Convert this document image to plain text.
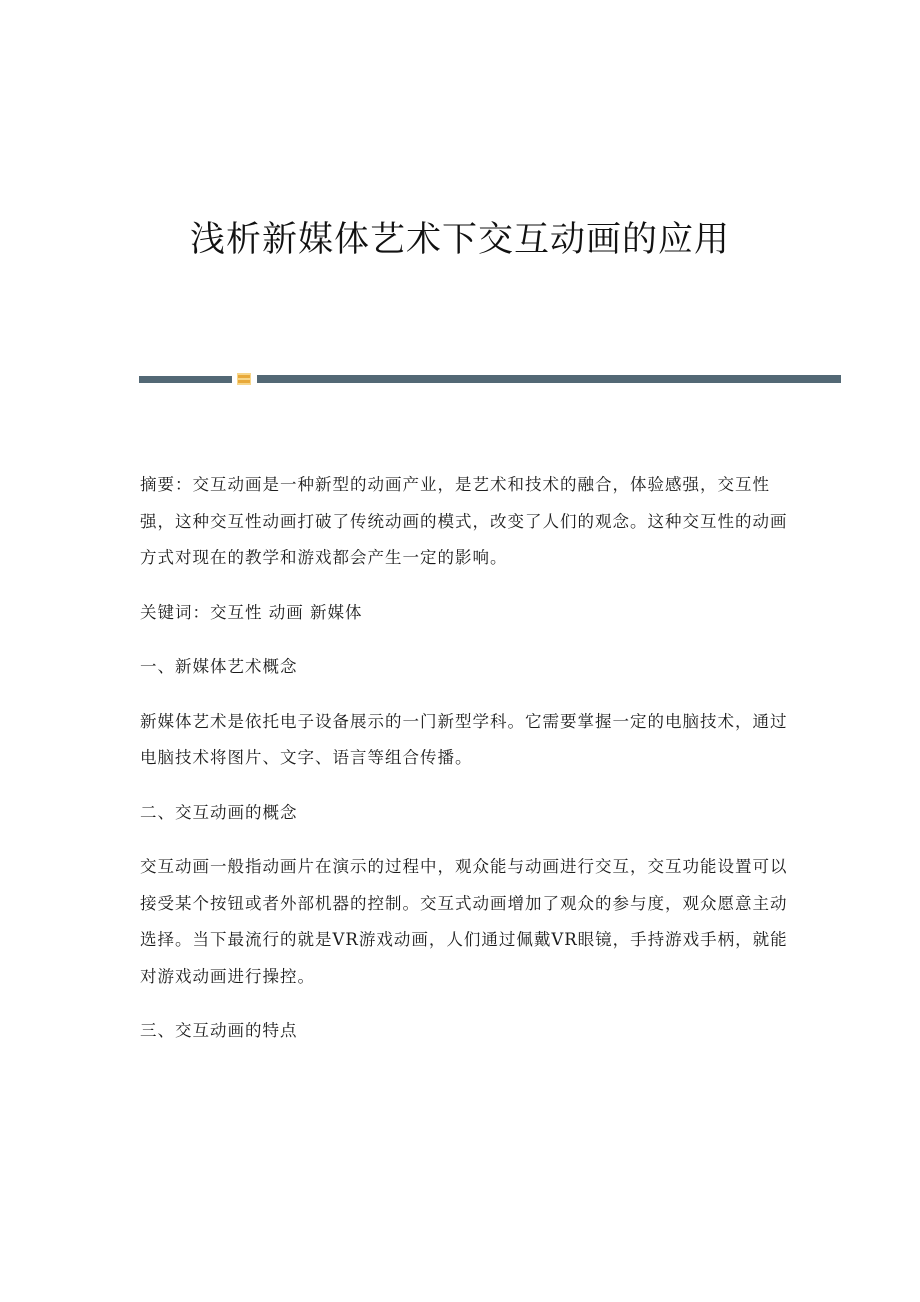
浅析新媒体艺术下交互动画的应用

摘要：交互动画是一种新型的动画产业，是艺术和技术的融合，体验感强，交互性强，这种交互性动画打破了传统动画的模式，改变了人们的观念。这种交互性的动画方式对现在的教学和游戏都会产生一定的影响。

关键词：交互性 动画 新媒体

一、新媒体艺术概念

新媒体艺术是依托电子设备展示的一门新型学科。它需要掌握一定的电脑技术，通过电脑技术将图片、文字、语言等组合传播。

二、交互动画的概念

交互动画一般指动画片在演示的过程中，观众能与动画进行交互，交互功能设置可以接受某个按钮或者外部机器的控制。交互式动画增加了观众的参与度，观众愿意主动选择。当下最流行的就是VR游戏动画，人们通过佩戴VR眼镜，手持游戏手柄，就能对游戏动画进行操控。

三、交互动画的特点
